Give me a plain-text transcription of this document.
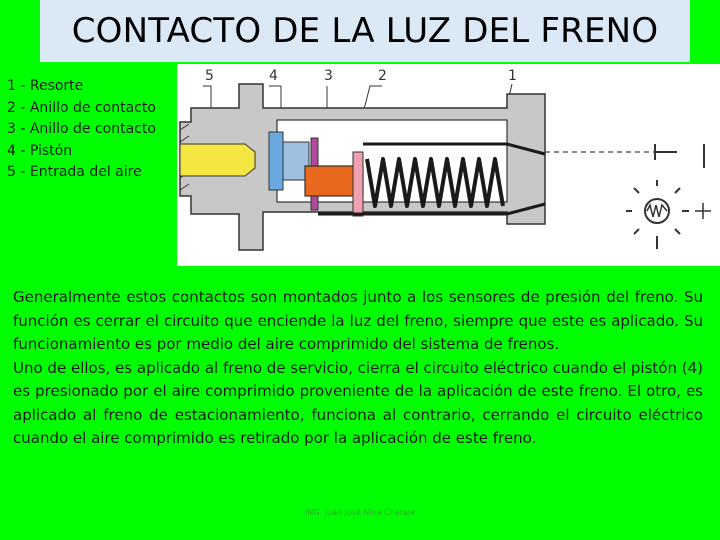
CONTACTO DE LA LUZ DEL FRENO
1 - Resorte
2 - Anillo de contacto
3 - Anillo de contacto
4 - Pistón
5 - Entrada del aire
5	4	3	2	1

Generalmente estos contactos son montados junto a los sensores de presión del freno. Su función es cerrar el circuito que enciende la luz del freno, siempre que este es aplicado. Su funcionamiento es por medio del aire comprimido del sistema de frenos.

Uno de ellos, es aplicado al freno de servicio, cierra el circuito eléctrico cuando el pistón (4) es presionado por el aire comprimido proveniente de la aplicación de este freno. El otro, es aplicado al freno de estacionamiento, funciona al contrario, cerrando el circuito eléctrico cuando el aire comprimido es retirado por la aplicación de este freno.

ING. Juan José Nina Charaja
